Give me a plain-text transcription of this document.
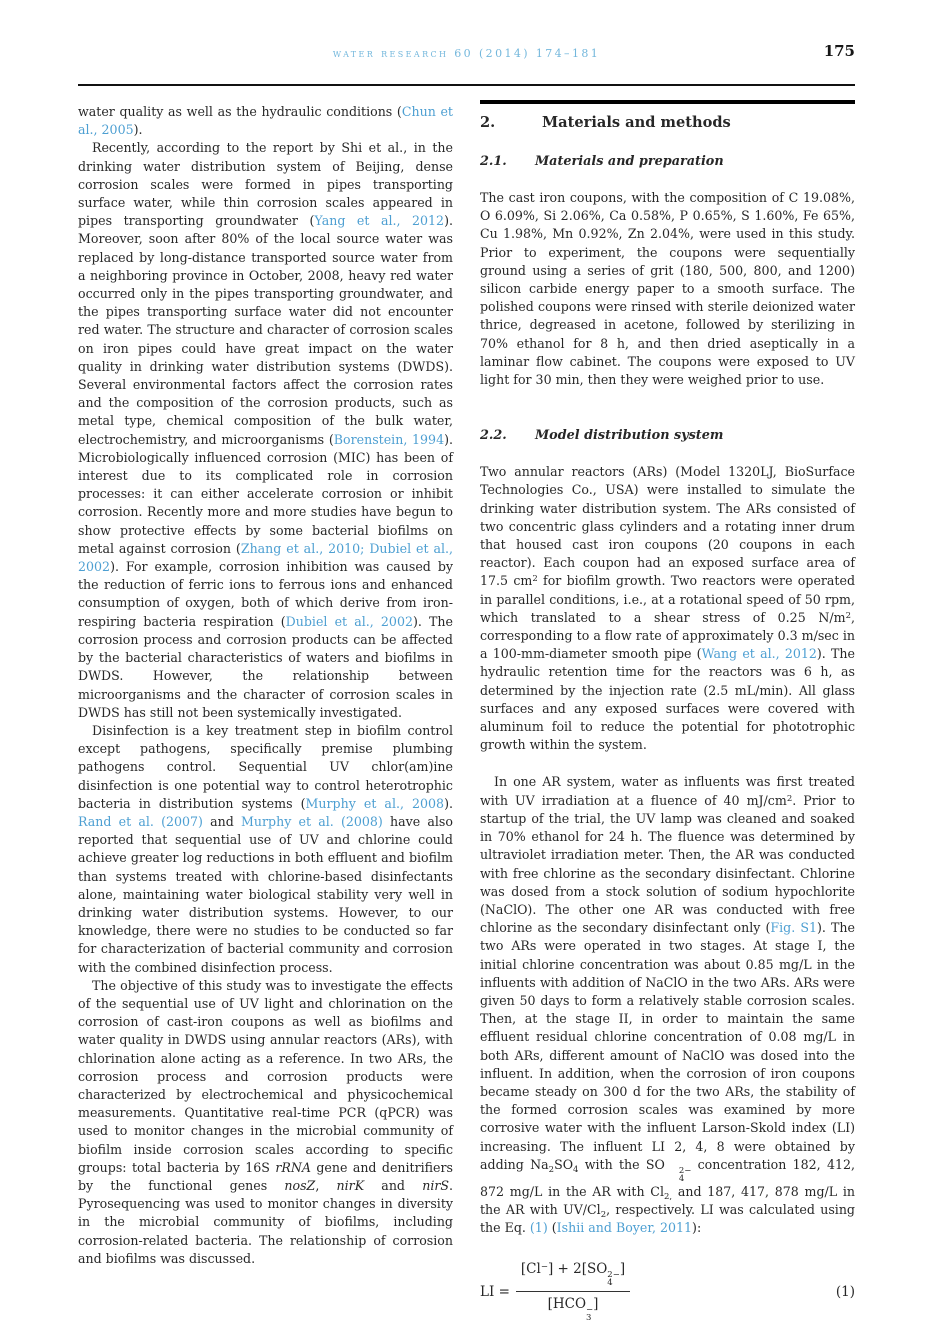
water research 60 (2014) 174–181	175

water quality as well as the hydraulic conditions (Chun et al., 2005).

Recently, according to the report by Shi et al., in the drinking water distribution system of Beijing, dense corrosion scales were formed in pipes transporting surface water, while thin corrosion scales appeared in pipes transporting groundwater (Yang et al., 2012). Moreover, soon after 80% of the local source water was replaced by long-distance transported source water from a neighboring province in October, 2008, heavy red water occurred only in the pipes transporting groundwater, and the pipes transporting surface water did not encounter red water. The structure and character of corrosion scales on iron pipes could have great impact on the water quality in drinking water distribution systems (DWDS). Several environmental factors affect the corrosion rates and the composition of the corrosion products, such as metal type, chemical composition of the bulk water, electrochemistry, and microorganisms (Borenstein, 1994). Microbiologically influenced corrosion (MIC) has been of interest due to its complicated role in corrosion processes: it can either accelerate corrosion or inhibit corrosion. Recently more and more studies have begun to show protective effects by some bacterial biofilms on metal against corrosion (Zhang et al., 2010; Dubiel et al., 2002). For example, corrosion inhibition was caused by the reduction of ferric ions to ferrous ions and enhanced consumption of oxygen, both of which derive from iron-respiring bacteria respiration (Dubiel et al., 2002). The corrosion process and corrosion products can be affected by the bacterial characteristics of waters and biofilms in DWDS. However, the relationship between microorganisms and the character of corrosion scales in DWDS has still not been systemically investigated.

Disinfection is a key treatment step in biofilm control except pathogens, specifically premise plumbing pathogens control. Sequential UV chlor(am)ine disinfection is one potential way to control heterotrophic bacteria in distribution systems (Murphy et al., 2008). Rand et al. (2007) and Murphy et al. (2008) have also reported that sequential use of UV and chlorine could achieve greater log reductions in both effluent and biofilm than systems treated with chlorine-based disinfectants alone, maintaining water biological stability very well in drinking water distribution systems. However, to our knowledge, there were no studies to be conducted so far for characterization of bacterial community and corrosion with the combined disinfection process.

The objective of this study was to investigate the effects of the sequential use of UV light and chlorination on the corrosion of cast-iron coupons as well as biofilms and water quality in DWDS using annular reactors (ARs), with chlorination alone acting as a reference. In two ARs, the corrosion process and corrosion products were characterized by electrochemical and physicochemical measurements. Quantitative real-time PCR (qPCR) was used to monitor changes in the microbial community of biofilm inside corrosion scales according to specific groups: total bacteria by 16S rRNA gene and denitrifiers by the functional genes nosZ, nirK and nirS. Pyrosequencing was used to monitor changes in diversity in the microbial community of biofilms, including corrosion-related bacteria. The relationship of corrosion and biofilms was discussed.

2.	Materials and methods
2.1.	Materials and preparation

The cast iron coupons, with the composition of C 19.08%, O 6.09%, Si 2.06%, Ca 0.58%, P 0.65%, S 1.60%, Fe 65%, Cu 1.98%, Mn 0.92%, Zn 2.04%, were used in this study. Prior to experiment, the coupons were sequentially ground using a series of grit (180, 500, 800, and 1200) silicon carbide energy paper to a smooth surface. The polished coupons were rinsed with sterile deionized water thrice, degreased in acetone, followed by sterilizing in 70% ethanol for 8 h, and then dried aseptically in a laminar flow cabinet. The coupons were exposed to UV light for 30 min, then they were weighed prior to use.

2.2.	Model distribution system

Two annular reactors (ARs) (Model 1320LJ, BioSurface Technologies Co., USA) were installed to simulate the drinking water distribution system. The ARs consisted of two concentric glass cylinders and a rotating inner drum that housed cast iron coupons (20 coupons in each reactor). Each coupon had an exposed surface area of 17.5 $cm^2$ for biofilm growth. Two reactors were operated in parallel conditions, i.e., at a rotational speed of 50 rpm, which translated to a shear stress of 0.25 $N/m^2$, corresponding to a flow rate of approximately 0.3 m/sec in a 100-mm-diameter smooth pipe (Wang et al., 2012). The hydraulic retention time for the reactors was 6 h, as determined by the injection rate (2.5 mL/min). All glass surfaces and any exposed surfaces were covered with aluminum foil to reduce the potential for phototrophic growth within the system.

In one AR system, water as influents was first treated with UV irradiation at a fluence of 40 $mJ/cm^2$. Prior to startup of the trial, the UV lamp was cleaned and soaked in 70% ethanol for 24 h. The fluence was determined by ultraviolet irradiation meter. Then, the AR was conducted with free chlorine as the secondary disinfectant. Chlorine was dosed from a stock solution of sodium hypochlorite (NaClO). The other one AR was conducted with free chlorine as the secondary disinfectant only (Fig. S1). The two ARs were operated in two stages. At stage I, the initial chlorine concentration was about 0.85 mg/L in the influents with addition of NaClO in the two ARs. ARs were given 50 days to form a relatively stable corrosion scales. Then, at the stage II, in order to maintain the same effluent residual chlorine concentration of 0.08 mg/L in both ARs, different amount of NaClO was dosed into the influent. In addition, when the corrosion of iron coupons became steady on 300 d for the two ARs, the stability of the formed corrosion scales was examined by more corrosive water with the influent Larson-Skold index (LI) increasing. The influent LI 2, 4, 8 were obtained by adding $Na_2SO_4$ with the SO	2−
4
concentration 182, 412, 872 mg/L in the AR with $Cl_{2,}$ and 187, 417, 878 mg/L in the AR with $UV/Cl_2$, respectively. LI was calculated using the Eq. (1) (Ishii and Boyer, 2011):

LI = [Cl−] + 2[SO 2−
4
]
[HCO −
3
]	(1)
